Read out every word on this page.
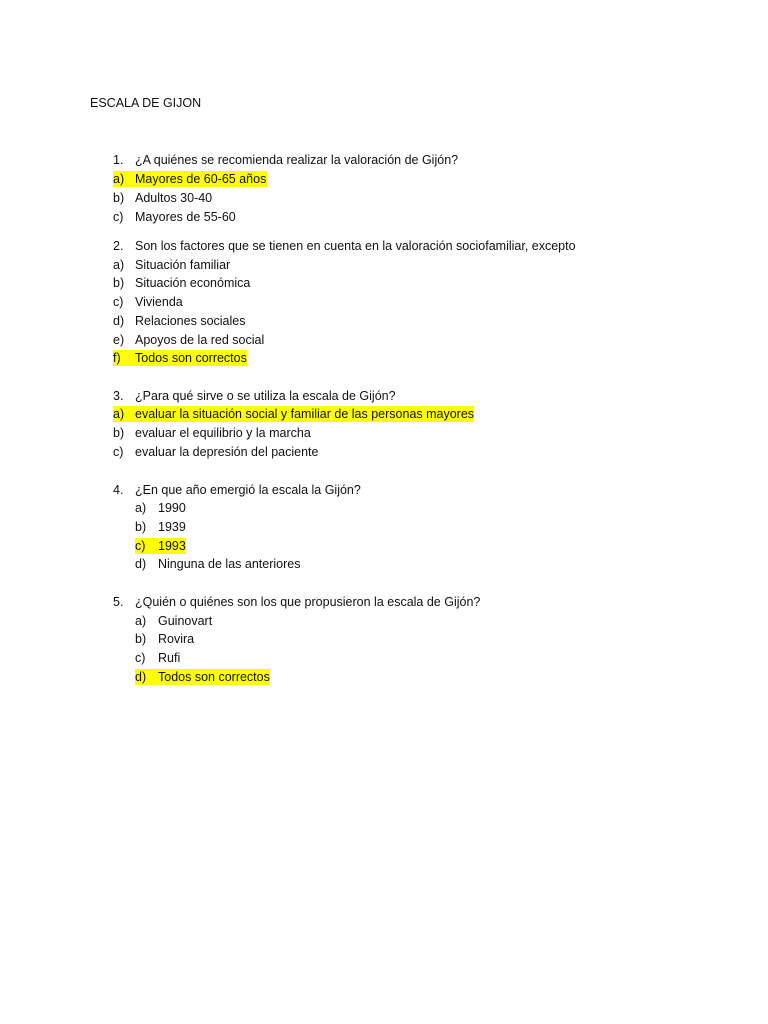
ESCALA DE GIJON
1. ¿A quiénes se recomienda realizar la valoración de Gijón?
a) Mayores de 60-65 años
b) Adultos 30-40
c) Mayores de 55-60
2. Son los factores que se tienen en cuenta en la valoración sociofamiliar, excepto
a) Situación familiar
b) Situación económica
c) Vivienda
d) Relaciones sociales
e) Apoyos de la red social
f) Todos son correctos
3. ¿Para qué sirve o se utiliza la escala de Gijón?
a) evaluar la situación social y familiar de las personas mayores
b) evaluar el equilibrio y la marcha
c) evaluar la depresión del paciente
4. ¿En que año emergió la escala la Gijón?
a) 1990
b) 1939
c) 1993
d) Ninguna de las anteriores
5. ¿Quién o quiénes son los que propusieron la escala de Gijón?
a) Guinovart
b) Rovira
c) Rufi
d) Todos son correctos
